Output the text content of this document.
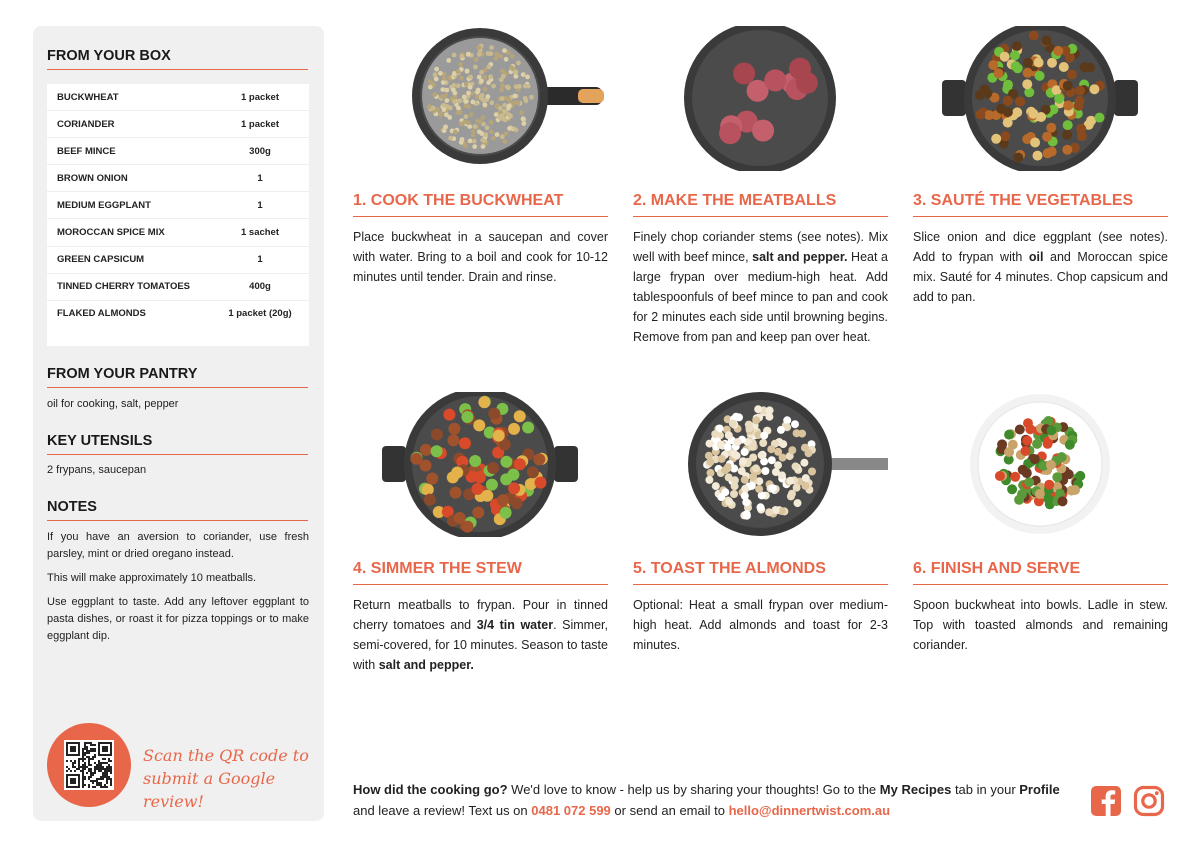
FROM YOUR BOX
BUCKWHEAT	1 packet
CORIANDER	1 packet
BEEF MINCE	300g
BROWN ONION	1
MEDIUM EGGPLANT	1
MOROCCAN SPICE MIX	1 sachet
GREEN CAPSICUM	1
TINNED CHERRY TOMATOES	400g
FLAKED ALMONDS	1 packet (20g)
FROM YOUR PANTRY
oil for cooking, salt, pepper
KEY UTENSILS
2 frypans, saucepan
NOTES

If you have an aversion to coriander, use fresh parsley, mint or dried oregano instead.

This will make approximately 10 meatballs.

Use eggplant to taste. Add any leftover eggplant to pasta dishes, or roast it for pizza toppings or to make eggplant dip.

Scan the QR code to
submit a Google review!
1. COOK THE BUCKWHEAT
Place buckwheat in a saucepan and cover with water. Bring to a boil and cook for 10-12 minutes until tender. Drain and rinse.
2. MAKE THE MEATBALLS
Finely chop coriander stems (see notes). Mix well with beef mince, salt and pepper. Heat a large frypan over medium-high heat. Add tablespoonfuls of beef mince to pan and cook for 2 minutes each side until browning begins. Remove from pan and keep pan over heat.
3. SAUTÉ THE VEGETABLES
Slice onion and dice eggplant (see notes). Add to frypan with oil and Moroccan spice mix. Sauté for 4 minutes. Chop capsicum and add to pan.
4. SIMMER THE STEW
Return meatballs to frypan. Pour in tinned cherry tomatoes and 3/4 tin water. Simmer, semi-covered, for 10 minutes. Season to taste with salt and pepper.
5. TOAST THE ALMONDS
Optional: Heat a small frypan over medium-high heat. Add almonds and toast for 2-3 minutes.
6. FINISH AND SERVE
Spoon buckwheat into bowls. Ladle in stew. Top with toasted almonds and remaining coriander.
How did the cooking go? We'd love to know - help us by sharing your thoughts! Go to the My Recipes tab in your Profile and leave a review! Text us on 0481 072 599 or send an email to hello@dinnertwist.com.au
